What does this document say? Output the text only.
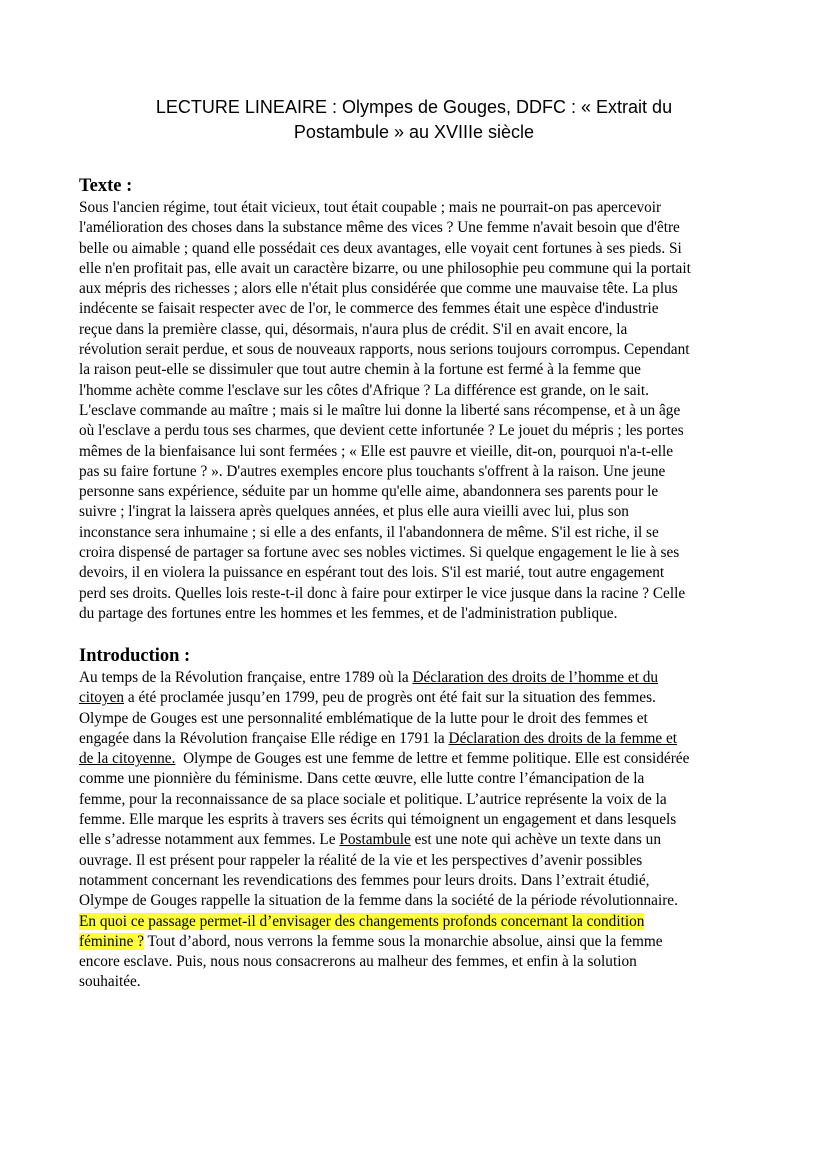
LECTURE LINEAIRE : Olympes de Gouges, DDFC : « Extrait du
Postambule » au XVIIIe siècle
Texte :
Sous l'ancien régime, tout était vicieux, tout était coupable ; mais ne pourrait-on pas apercevoir
l'amélioration des choses dans la substance même des vices ? Une femme n'avait besoin que d'être
belle ou aimable ; quand elle possédait ces deux avantages, elle voyait cent fortunes à ses pieds. Si
elle n'en profitait pas, elle avait un caractère bizarre, ou une philosophie peu commune qui la portait
aux mépris des richesses ; alors elle n'était plus considérée que comme une mauvaise tête. La plus
indécente se faisait respecter avec de l'or, le commerce des femmes était une espèce d'industrie
reçue dans la première classe, qui, désormais, n'aura plus de crédit. S'il en avait encore, la
révolution serait perdue, et sous de nouveaux rapports, nous serions toujours corrompus. Cependant
la raison peut-elle se dissimuler que tout autre chemin à la fortune est fermé à la femme que
l'homme achète comme l'esclave sur les côtes d'Afrique ? La différence est grande, on le sait.
L'esclave commande au maître ; mais si le maître lui donne la liberté sans récompense, et à un âge
où l'esclave a perdu tous ses charmes, que devient cette infortunée ? Le jouet du mépris ; les portes
mêmes de la bienfaisance lui sont fermées ; « Elle est pauvre et vieille, dit-on, pourquoi n'a-t-elle
pas su faire fortune ? ». D'autres exemples encore plus touchants s'offrent à la raison. Une jeune
personne sans expérience, séduite par un homme qu'elle aime, abandonnera ses parents pour le
suivre ; l'ingrat la laissera après quelques années, et plus elle aura vieilli avec lui, plus son
inconstance sera inhumaine ; si elle a des enfants, il l'abandonnera de même. S'il est riche, il se
croira dispensé de partager sa fortune avec ses nobles victimes. Si quelque engagement le lie à ses
devoirs, il en violera la puissance en espérant tout des lois. S'il est marié, tout autre engagement
perd ses droits. Quelles lois reste-t-il donc à faire pour extirper le vice jusque dans la racine ? Celle
du partage des fortunes entre les hommes et les femmes, et de l'administration publique.
Introduction :
Au temps de la Révolution française, entre 1789 où la Déclaration des droits de l’homme et du
citoyen a été proclamée jusqu’en 1799, peu de progrès ont été fait sur la situation des femmes.
Olympe de Gouges est une personnalité emblématique de la lutte pour le droit des femmes et
engagée dans la Révolution française Elle rédige en 1791 la Déclaration des droits de la femme et
de la citoyenne.  Olympe de Gouges est une femme de lettre et femme politique. Elle est considérée
comme une pionnière du féminisme. Dans cette œuvre, elle lutte contre l’émancipation de la
femme, pour la reconnaissance de sa place sociale et politique. L’autrice représente la voix de la
femme. Elle marque les esprits à travers ses écrits qui témoignent un engagement et dans lesquels
elle s’adresse notamment aux femmes. Le Postambule est une note qui achève un texte dans un
ouvrage. Il est présent pour rappeler la réalité de la vie et les perspectives d’avenir possibles
notamment concernant les revendications des femmes pour leurs droits. Dans l’extrait étudié,
Olympe de Gouges rappelle la situation de la femme dans la société de la période révolutionnaire.
En quoi ce passage permet-il d’envisager des changements profonds concernant la condition
féminine ? Tout d’abord, nous verrons la femme sous la monarchie absolue, ainsi que la femme
encore esclave. Puis, nous nous consacrerons au malheur des femmes, et enfin à la solution
souhaitée.
